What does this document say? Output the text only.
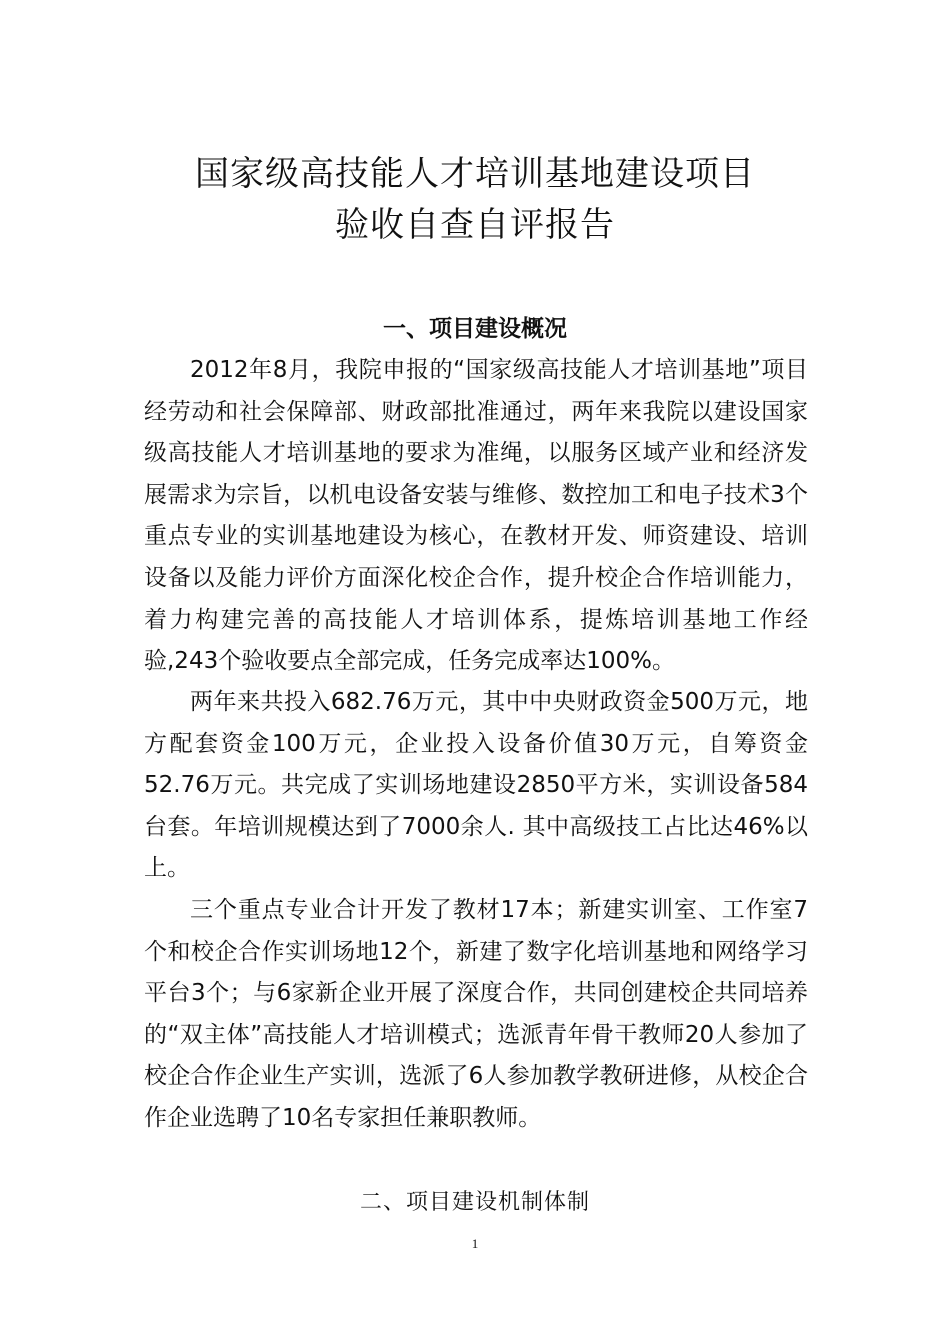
国家级高技能人才培训基地建设项目
验收自查自评报告
一、项目建设概况

2012年8月，我院申报的“国家级高技能人才培训基地”项目经劳动和社会保障部、财政部批准通过，两年来我院以建设国家级高技能人才培训基地的要求为准绳，以服务区域产业和经济发展需求为宗旨，以机电设备安装与维修、数控加工和电子技术3个重点专业的实训基地建设为核心，在教材开发、师资建设、培训设备以及能力评价方面深化校企合作，提升校企合作培训能力，着力构建完善的高技能人才培训体系，提炼培训基地工作经验,243个验收要点全部完成，任务完成率达100%。

两年来共投入682.76万元，其中中央财政资金500万元，地方配套资金100万元，企业投入设备价值30万元，自筹资金52.76万元。共完成了实训场地建设2850平方米，实训设备584台套。年培训规模达到了7000余人. 其中高级技工占比达46%以上。

三个重点专业合计开发了教材17本；新建实训室、工作室7个和校企合作实训场地12个，新建了数字化培训基地和网络学习平台3个；与6家新企业开展了深度合作，共同创建校企共同培养的“双主体”高技能人才培训模式；选派青年骨干教师20人参加了校企合作企业生产实训，选派了6人参加教学教研进修，从校企合作企业选聘了10名专家担任兼职教师。

二、项目建设机制体制
1
